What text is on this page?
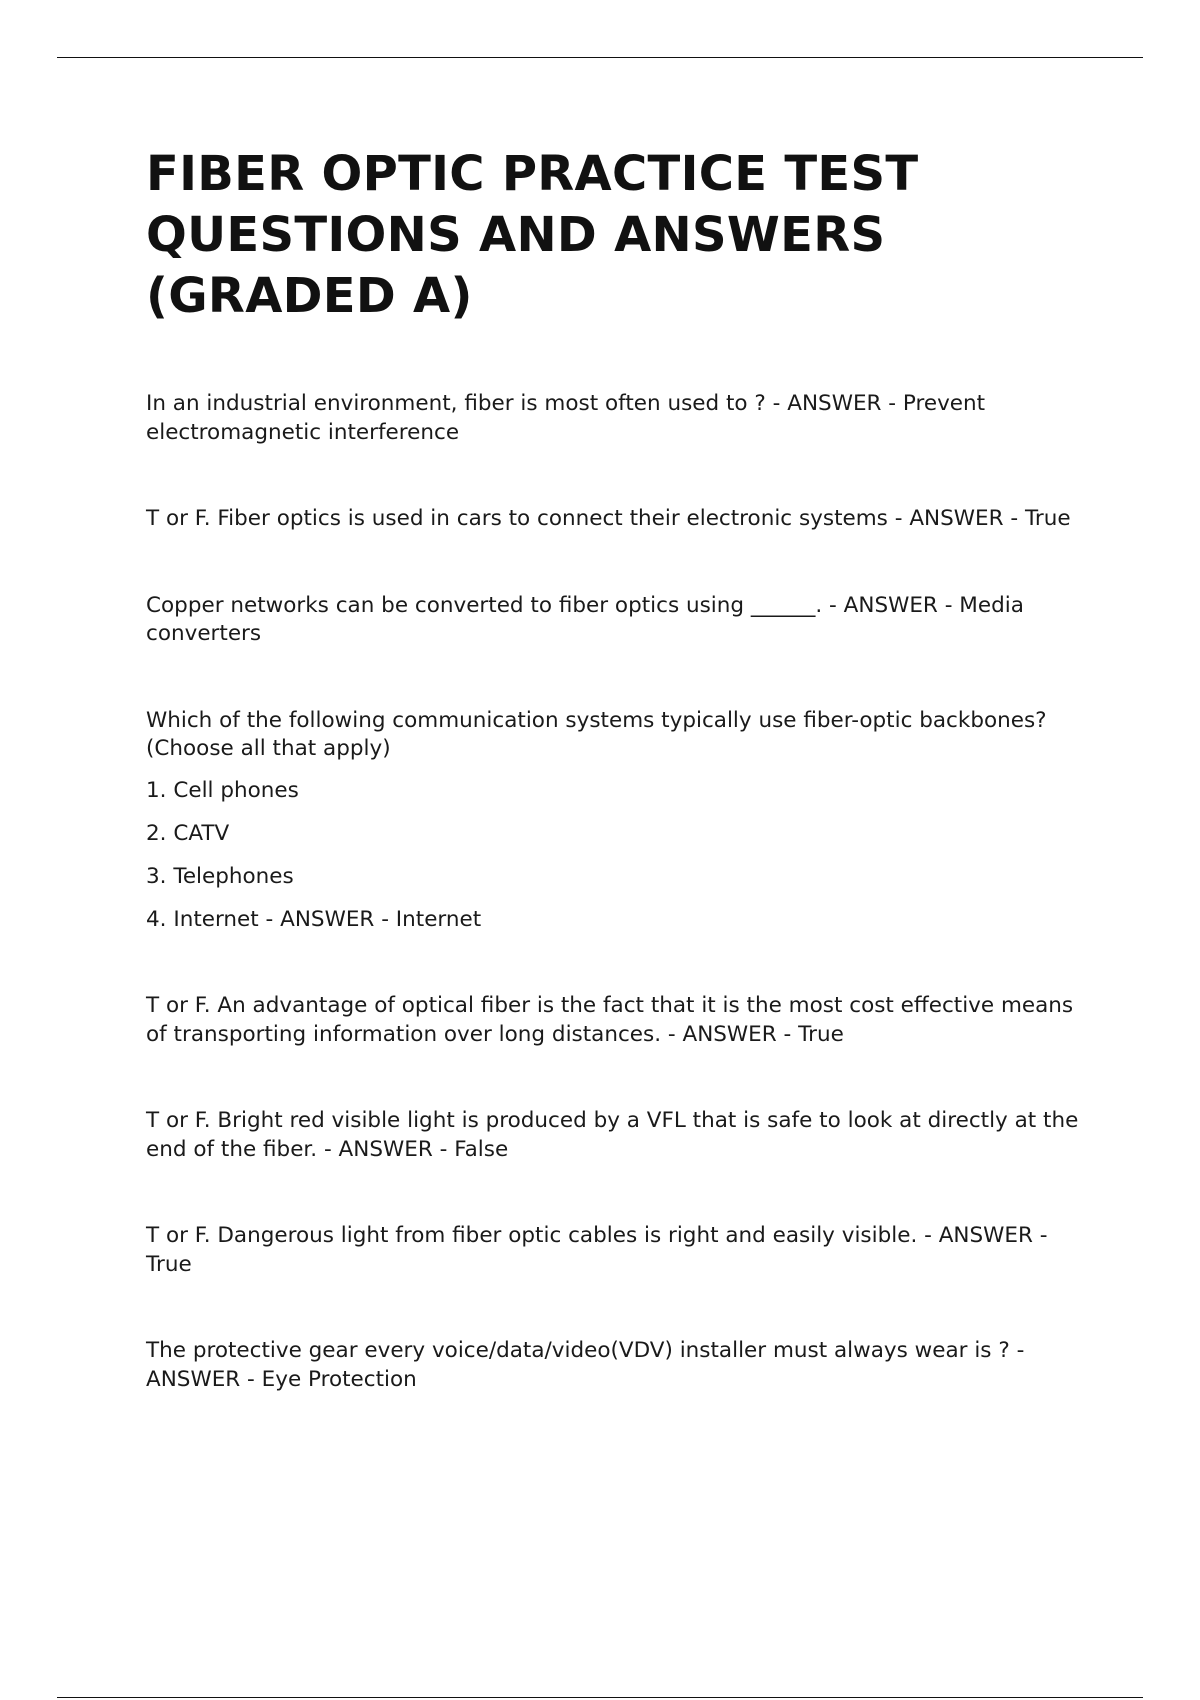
FIBER OPTIC PRACTICE TEST QUESTIONS AND ANSWERS (GRADED A)

In an industrial environment, fiber is most often used to ? - ANSWER - Prevent electromagnetic interference

T or F. Fiber optics is used in cars to connect their electronic systems - ANSWER - True

Copper networks can be converted to fiber optics using ______. - ANSWER - Media converters

Which of the following communication systems typically use fiber-optic backbones? (Choose all that apply)

1. Cell phones
2. CATV
3. Telephones
4. Internet - ANSWER - Internet

T or F. An advantage of optical fiber is the fact that it is the most cost effective means of transporting information over long distances. - ANSWER - True

T or F. Bright red visible light is produced by a VFL that is safe to look at directly at the end of the fiber. - ANSWER - False

T or F. Dangerous light from fiber optic cables is right and easily visible. - ANSWER - True

The protective gear every voice/data/video(VDV) installer must always wear is ? - ANSWER - Eye Protection
